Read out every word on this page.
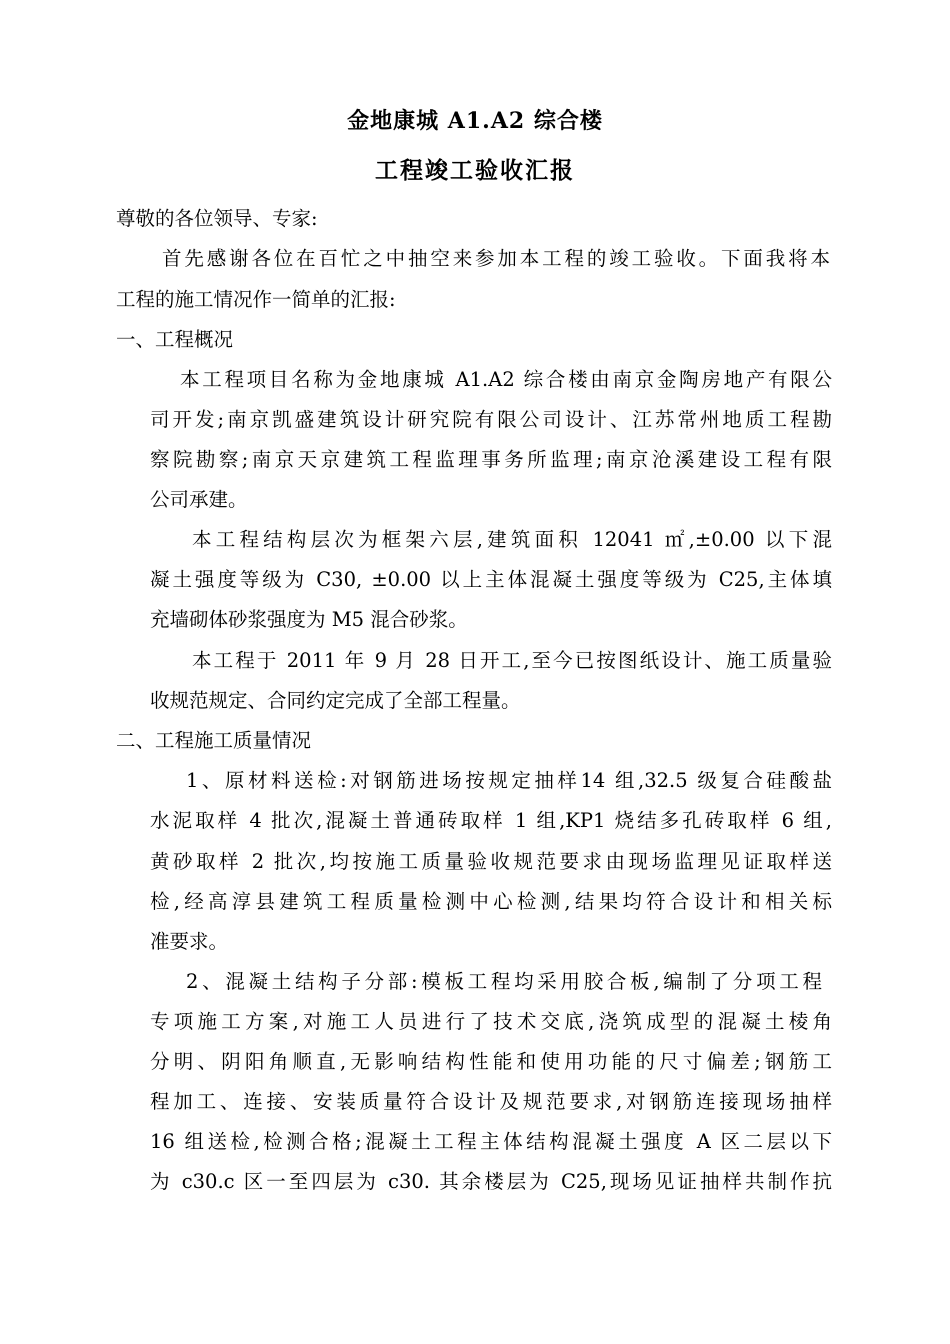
金地康城 A1.A2 综合楼
工程竣工验收汇报
尊敬的各位领导、专家:
首先感谢各位在百忙之中抽空来参加本工程的竣工验收。下面我将本
工程的施工情况作一简单的汇报:
一、工程概况
本工程项目名称为金地康城 A1.A2 综合楼由南京金陶房地产有限公
司开发;南京凯盛建筑设计研究院有限公司设计、江苏常州地质工程勘
察院勘察;南京天京建筑工程监理事务所监理;南京沧溪建设工程有限
公司承建。
本工程结构层次为框架六层,建筑面积 12041 ㎡,±0.00 以下混
凝土强度等级为 C30, ±0.00 以上主体混凝土强度等级为 C25,主体填
充墙砌体砂浆强度为 M5 混合砂浆。
本工程于 2011 年 9 月 28 日开工,至今已按图纸设计、施工质量验
收规范规定、合同约定完成了全部工程量。
二、工程施工质量情况
1、原材料送检:对钢筋进场按规定抽样14 组,32.5 级复合硅酸盐
水泥取样 4 批次,混凝土普通砖取样 1 组,KP1 烧结多孔砖取样 6 组,
黄砂取样 2 批次,均按施工质量验收规范要求由现场监理见证取样送
检,经高淳县建筑工程质量检测中心检测,结果均符合设计和相关标
准要求。
2、混凝土结构子分部:模板工程均采用胶合板,编制了分项工程
专项施工方案,对施工人员进行了技术交底,浇筑成型的混凝土棱角
分明、阴阳角顺直,无影响结构性能和使用功能的尺寸偏差;钢筋工
程加工、连接、安装质量符合设计及规范要求,对钢筋连接现场抽样
16 组送检,检测合格;混凝土工程主体结构混凝土强度 A 区二层以下
为 c30.c 区一至四层为 c30. 其余楼层为 C25,现场见证抽样共制作抗
